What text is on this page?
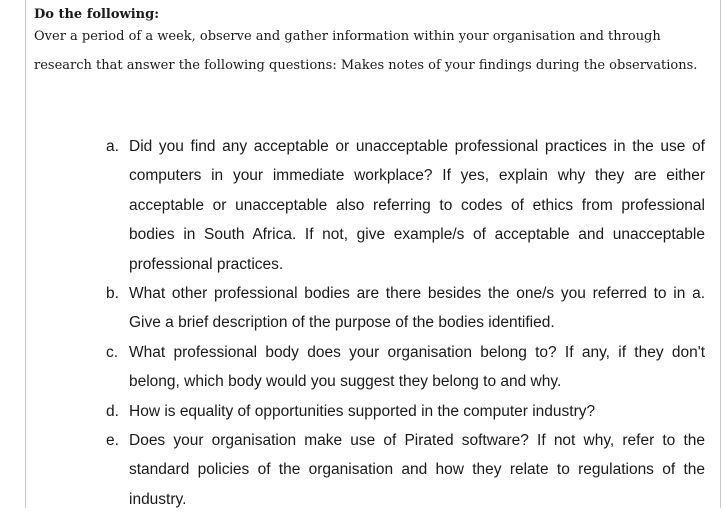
Do the following:

Over a period of a week, observe and gather information within your organisation and through research that answer the following questions: Makes notes of your findings during the observations.

a. Did you find any acceptable or unacceptable professional practices in the use of computers in your immediate workplace? If yes, explain why they are either acceptable or unacceptable also referring to codes of ethics from professional bodies in South Africa. If not, give example/s of acceptable and unacceptable professional practices.
b. What other professional bodies are there besides the one/s you referred to in a. Give a brief description of the purpose of the bodies identified.
c. What professional body does your organisation belong to? If any, if they don't belong, which body would you suggest they belong to and why.
d. How is equality of opportunities supported in the computer industry?
e. Does your organisation make use of Pirated software? If not why, refer to the standard policies of the organisation and how they relate to regulations of the industry.
